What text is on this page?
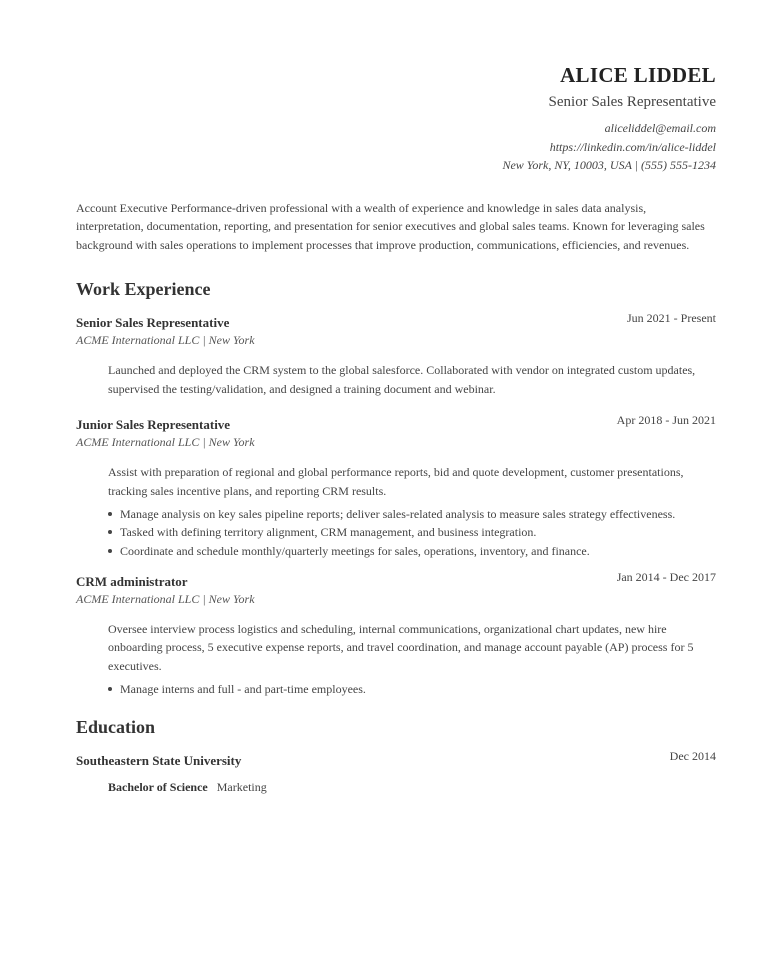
ALICE LIDDEL
Senior Sales Representative
aliceliddel@email.com
https://linkedin.com/in/alice-liddel
New York, NY, 10003, USA | (555) 555-1234
Account Executive Performance-driven professional with a wealth of experience and knowledge in sales data analysis, interpretation, documentation, reporting, and presentation for senior executives and global sales teams. Known for leveraging sales background with sales operations to implement processes that improve production, communications, efficiencies, and revenues.
Work Experience
Senior Sales Representative	Jun 2021 - Present
ACME International LLC | New York
Launched and deployed the CRM system to the global salesforce. Collaborated with vendor on integrated custom updates, supervised the testing/validation, and designed a training document and webinar.
Junior Sales Representative	Apr 2018 - Jun 2021
ACME International LLC | New York
Assist with preparation of regional and global performance reports, bid and quote development, customer presentations, tracking sales incentive plans, and reporting CRM results.
Manage analysis on key sales pipeline reports; deliver sales-related analysis to measure sales strategy effectiveness.
Tasked with defining territory alignment, CRM management, and business integration.
Coordinate and schedule monthly/quarterly meetings for sales, operations, inventory, and finance.
CRM administrator	Jan 2014 - Dec 2017
ACME International LLC | New York
Oversee interview process logistics and scheduling, internal communications, organizational chart updates, new hire onboarding process, 5 executive expense reports, and travel coordination, and manage account payable (AP) process for 5 executives.
Manage interns and full - and part-time employees.
Education
Southeastern State University	Dec 2014
Bachelor of Science Marketing
